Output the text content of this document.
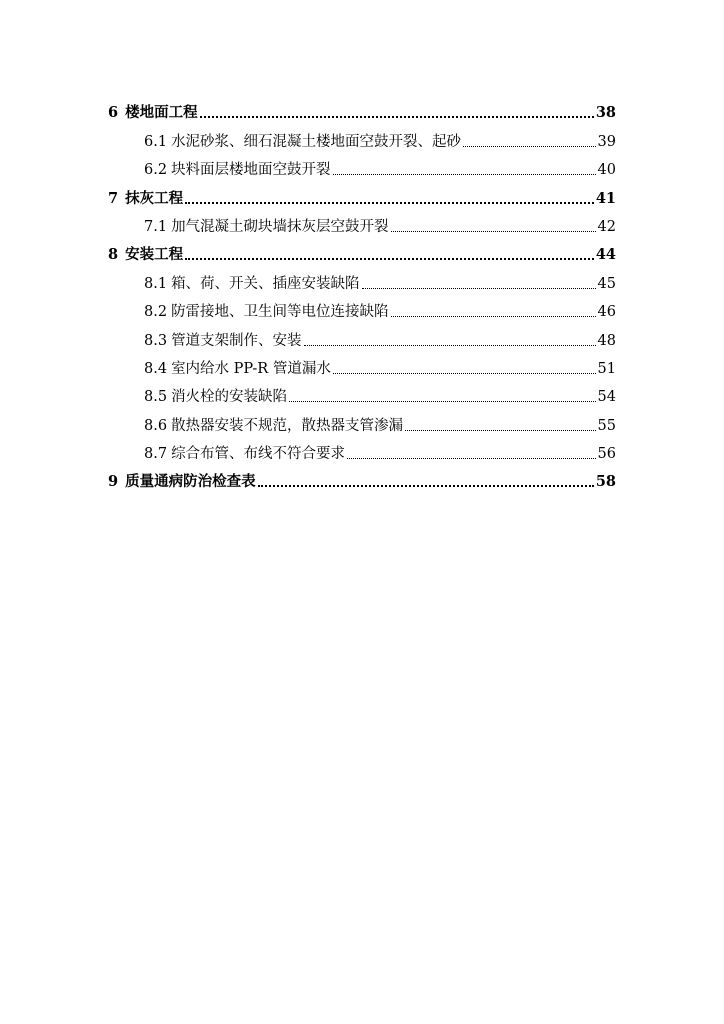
6 楼地面工程	38
6.1 水泥砂浆、细石混凝土楼地面空鼓开裂、起砂	39
6.2 块料面层楼地面空鼓开裂	40
7 抹灰工程	41
7.1 加气混凝土砌块墙抹灰层空鼓开裂	42
8 安装工程	44
8.1 箱、荷、开关、插座安装缺陷	45
8.2 防雷接地、卫生间等电位连接缺陷	46
8.3 管道支架制作、安装	48
8.4 室内给水 PP-R 管道漏水	51
8.5 消火栓的安装缺陷	54
8.6 散热器安装不规范，散热器支管渗漏	55
8.7 综合布管、布线不符合要求	56
9 质量通病防治检查表	58
